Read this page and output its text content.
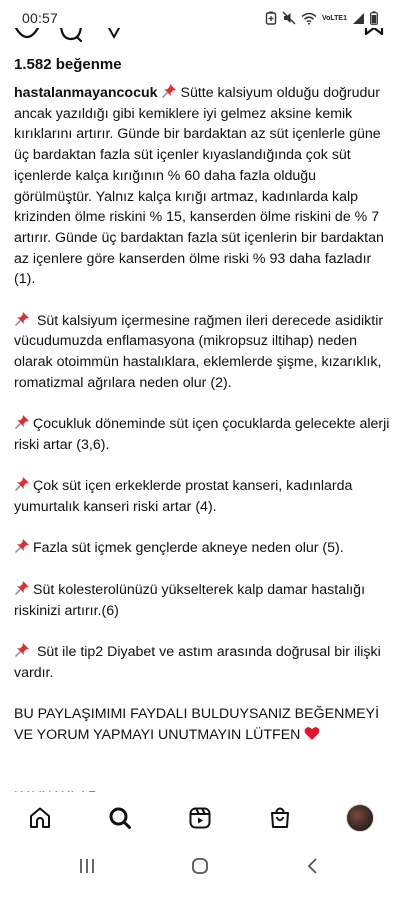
00:57	VoLTE1
1.582 beğenme

hastalanmayancocuk Sütte kalsiyum olduğu doğrudur ancak yazıldığı gibi kemiklere iyi gelmez aksine kemik kırıklarını artırır. Günde bir bardaktan az süt içenlerle güne üç bardaktan fazla süt içenler kıyaslandığında çok süt içenlerde kalça kırığının % 60 daha fazla olduğu görülmüştür. Yalnız kalça kırığı artmaz, kadınlarda kalp krizinden ölme riskini % 15, kanserden ölme riskini de % 7 artırır. Günde üç bardaktan fazla süt içenlerin bir bardaktan az içenlere göre kanserden ölme riski % 93 daha fazladır (1).

Süt kalsiyum içermesine rağmen ileri derecede asidiktir vücudumuzda enflamasyona (mikropsuz iltihap) neden olarak otoimmün hastalıklara, eklemlerde şişme, kızarıklık, romatizmal ağrılara neden olur (2).

Çocukluk döneminde süt içen çocuklarda gelecekte alerji riski artar (3,6).

Çok süt içen erkeklerde prostat kanseri, kadınlarda yumurtalık kanseri riski artar (4).

Fazla süt içmek gençlerde akneye neden olur (5).

Süt kolesterolünüzü yükselterek kalp damar hastalığı riskinizi artırır.(6)

Süt ile tip2 Diyabet ve astım arasında doğrusal bir ilişki vardır.

BU PAYLAŞIMIMI FAYDALI BULDUYSANIZ BEĞENMEYİ VE YORUM YAPMAYI UNUTMAYIN LÜTFEN
